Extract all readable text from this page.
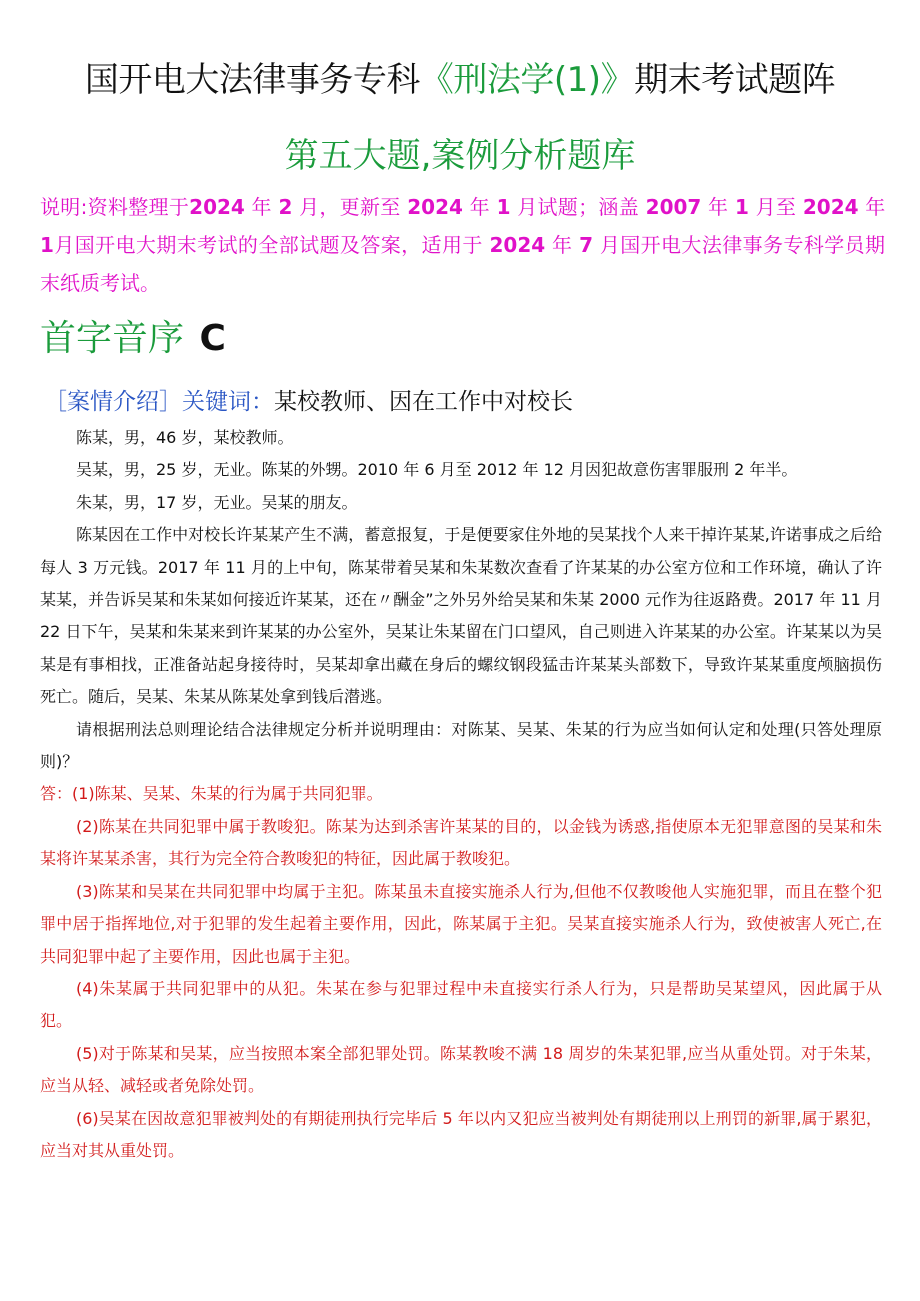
国开电大法律事务专科《刑法学(1)》期末考试题阵
第五大题,案例分析题库
说明:资料整理于2024 年 2 月，更新至 2024 年 1 月试题；涵盖 2007 年 1 月至 2024 年 1月国开电大期末考试的全部试题及答案，适用于 2024 年 7 月国开电大法律事务专科学员期末纸质考试。
首字音序 C
［案情介绍］关键词：某校教师、因在工作中对校长

陈某，男，46 岁，某校教师。

吴某，男，25 岁，无业。陈某的外甥。2010 年 6 月至 2012 年 12 月因犯故意伤害罪服刑 2 年半。

朱某，男，17 岁，无业。吴某的朋友。

陈某因在工作中对校长许某某产生不满，蓄意报复，于是便要家住外地的吴某找个人来干掉许某某,许诺事成之后给每人 3 万元钱。2017 年 11 月的上中旬，陈某带着吴某和朱某数次查看了许某某的办公室方位和工作环境，确认了许某某，并告诉吴某和朱某如何接近许某某，还在〃酬金”之外另外给吴某和朱某 2000 元作为往返路费。2017 年 11 月 22 日下午，吴某和朱某来到许某某的办公室外，吴某让朱某留在门口望风，自己则进入许某某的办公室。许某某以为吴某是有事相找，正准备站起身接待时，吴某却拿出藏在身后的螺纹钢段猛击许某某头部数下，导致许某某重度颅脑损伤死亡。随后，吴某、朱某从陈某处拿到钱后潜逃。

请根据刑法总则理论结合法律规定分析并说明理由：对陈某、吴某、朱某的行为应当如何认定和处理(只答处理原则)？

答：(1)陈某、吴某、朱某的行为属于共同犯罪。

(2)陈某在共同犯罪中属于教唆犯。陈某为达到杀害许某某的目的，以金钱为诱惑,指使原本无犯罪意图的吴某和朱某将许某某杀害，其行为完全符合教唆犯的特征，因此属于教唆犯。

(3)陈某和吴某在共同犯罪中均属于主犯。陈某虽未直接实施杀人行为,但他不仅教唆他人实施犯罪，而且在整个犯罪中居于指挥地位,对于犯罪的发生起着主要作用，因此，陈某属于主犯。吴某直接实施杀人行为，致使被害人死亡,在共同犯罪中起了主要作用，因此也属于主犯。

(4)朱某属于共同犯罪中的从犯。朱某在参与犯罪过程中未直接实行杀人行为，只是帮助吴某望风，因此属于从犯。

(5)对于陈某和吴某，应当按照本案全部犯罪处罚。陈某教唆不满 18 周岁的朱某犯罪,应当从重处罚。对于朱某，应当从轻、减轻或者免除处罚。

(6)吴某在因故意犯罪被判处的有期徒刑执行完毕后 5 年以内又犯应当被判处有期徒刑以上刑罚的新罪,属于累犯，应当对其从重处罚。
